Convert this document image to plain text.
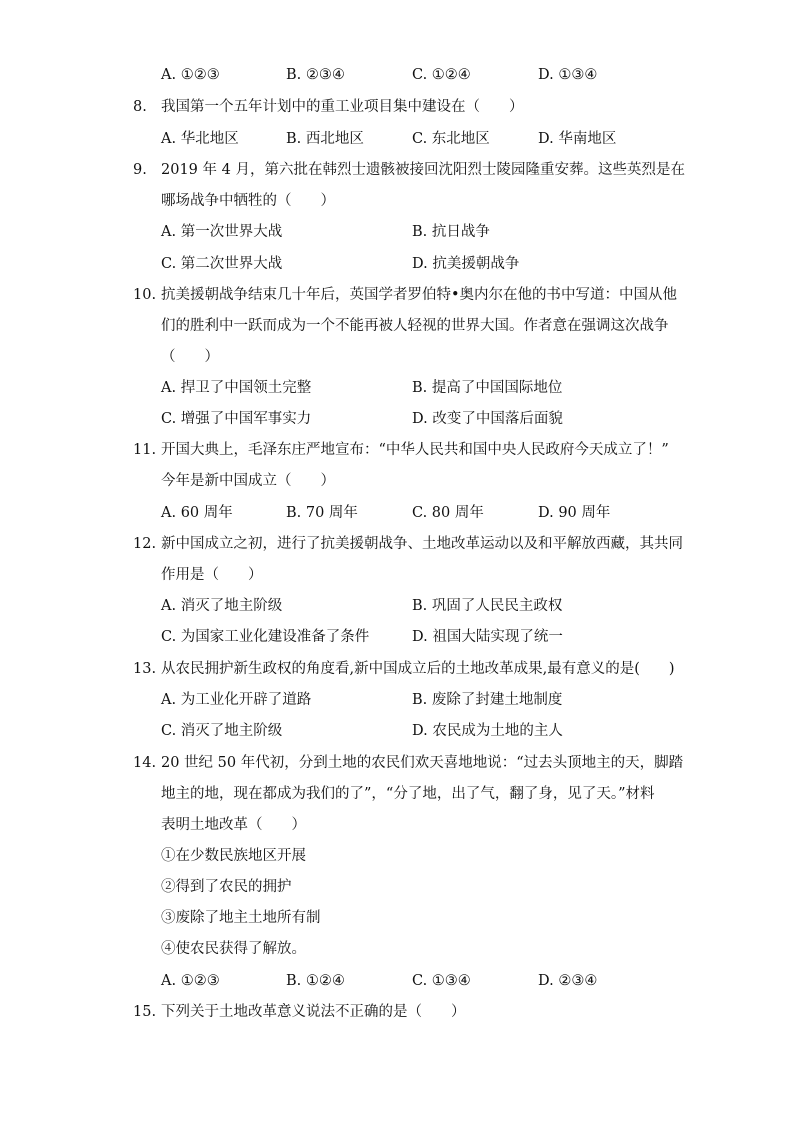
A. ①②③	B. ②③④	C. ①②④	D. ①③④
8. 我国第一个五年计划中的重工业项目集中建设在（　　）
A. 华北地区	B. 西北地区	C. 东北地区	D. 华南地区
9. 2019 年 4 月，第六批在韩烈士遗骸被接回沈阳烈士陵园隆重安葬。这些英烈是在
哪场战争中牺牲的（　　）
A. 第一次世界大战	B. 抗日战争
C. 第二次世界大战	D. 抗美援朝战争
10. 抗美援朝战争结束几十年后，英国学者罗伯特•奥内尔在他的书中写道：中国从他
们的胜利中一跃而成为一个不能再被人轻视的世界大国。作者意在强调这次战争
（　　）
A. 捍卫了中国领土完整	B. 提高了中国国际地位
C. 增强了中国军事实力	D. 改变了中国落后面貌
11. 开国大典上，毛泽东庄严地宣布：“中华人民共和国中央人民政府今天成立了！”
今年是新中国成立（　　）
A. 60 周年	B. 70 周年	C. 80 周年	D. 90 周年
12. 新中国成立之初，进行了抗美援朝战争、土地改革运动以及和平解放西藏，其共同
作用是（　　）
A. 消灭了地主阶级	B. 巩固了人民民主政权
C. 为国家工业化建设准备了条件	D. 祖国大陆实现了统一
13. 从农民拥护新生政权的角度看,新中国成立后的土地改革成果,最有意义的是(　　)
A. 为工业化开辟了道路	B. 废除了封建土地制度
C. 消灭了地主阶级	D. 农民成为土地的主人
14. 20 世纪 50 年代初，分到土地的农民们欢天喜地地说：“过去头顶地主的天，脚踏
地主的地，现在都成为我们的了”，“分了地，出了气，翻了身，见了天。”材料
表明土地改革（　　）
①在少数民族地区开展
②得到了农民的拥护
③废除了地主土地所有制
④使农民获得了解放。
A. ①②③	B. ①②④	C. ①③④	D. ②③④
15. 下列关于土地改革意义说法不正确的是（　　）
